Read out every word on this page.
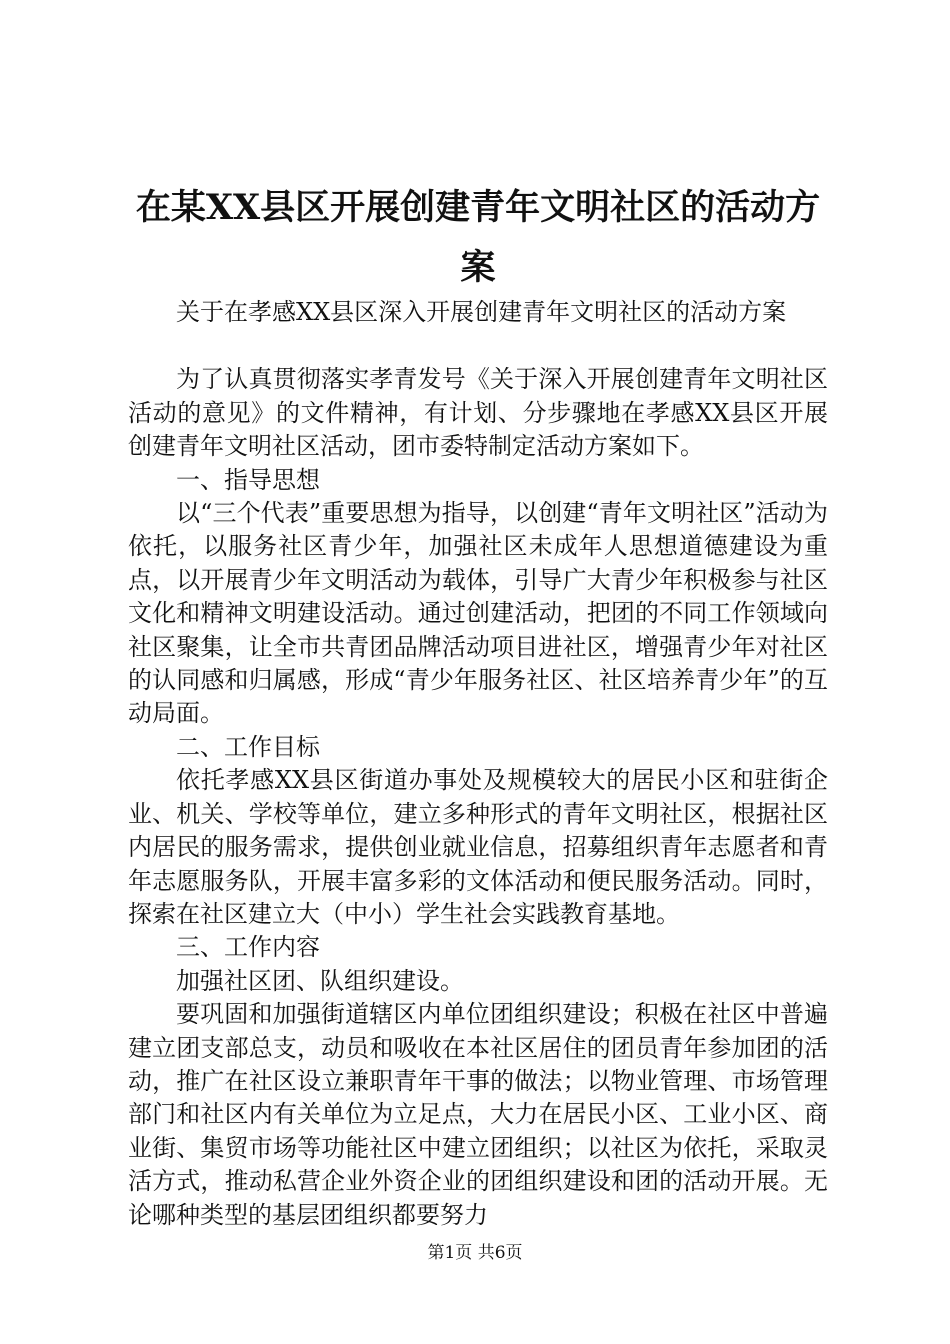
在某XX县区开展创建青年文明社区的活动方案

关于在孝感XX县区深入开展创建青年文明社区的活动方案

为了认真贯彻落实孝青发号《关于深入开展创建青年文明社区活动的意见》的文件精神，有计划、分步骤地在孝感XX县区开展创建青年文明社区活动，团市委特制定活动方案如下。

一、指导思想

以“三个代表”重要思想为指导，以创建“青年文明社区”活动为依托，以服务社区青少年，加强社区未成年人思想道德建设为重点，以开展青少年文明活动为载体，引导广大青少年积极参与社区文化和精神文明建设活动。通过创建活动，把团的不同工作领域向社区聚集，让全市共青团品牌活动项目进社区，增强青少年对社区的认同感和归属感，形成“青少年服务社区、社区培养青少年”的互动局面。

二、工作目标

依托孝感XX县区街道办事处及规模较大的居民小区和驻街企业、机关、学校等单位，建立多种形式的青年文明社区，根据社区内居民的服务需求，提供创业就业信息，招募组织青年志愿者和青年志愿服务队，开展丰富多彩的文体活动和便民服务活动。同时，探索在社区建立大（中小）学生社会实践教育基地。

三、工作内容

加强社区团、队组织建设。

要巩固和加强街道辖区内单位团组织建设；积极在社区中普遍建立团支部总支，动员和吸收在本社区居住的团员青年参加团的活动，推广在社区设立兼职青年干事的做法；以物业管理、市场管理部门和社区内有关单位为立足点，大力在居民小区、工业小区、商业街、集贸市场等功能社区中建立团组织；以社区为依托，采取灵活方式，推动私营企业外资企业的团组织建设和团的活动开展。无论哪种类型的基层团组织都要努力

第1页 共6页
